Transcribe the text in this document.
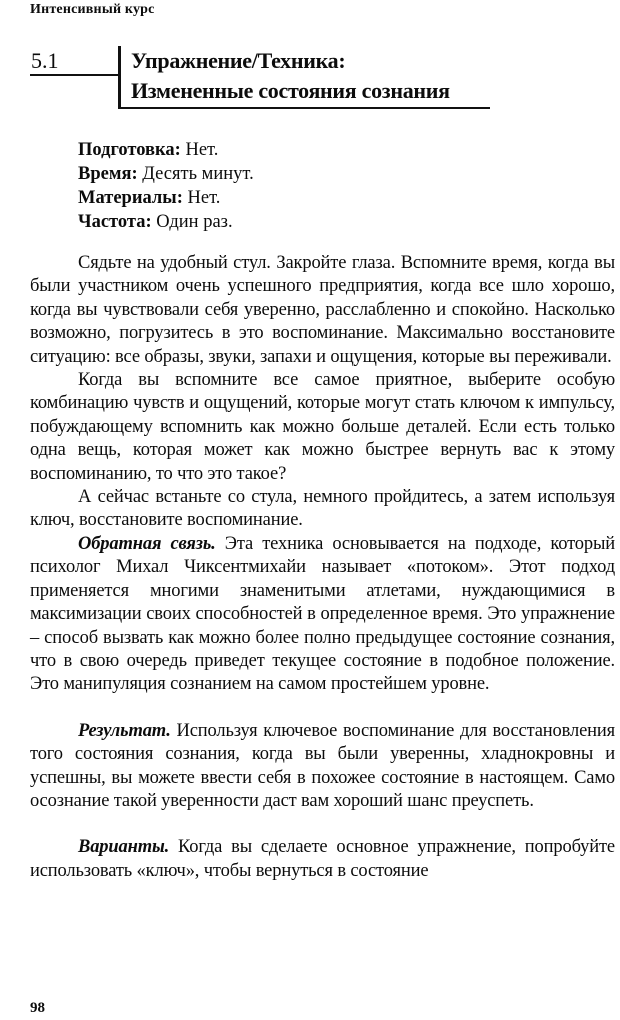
Интенсивный курс
5.1	Упражнение/Техника:
Измененные состояния сознания
Подготовка: Нет.
Время: Десять минут.
Материалы: Нет.
Частота: Один раз.

Сядьте на удобный стул. Закройте глаза. Вспомните время, когда вы были участником очень успешного предприятия, когда все шло хорошо, когда вы чувствовали себя уверенно, расслабленно и спокойно. Насколько возможно, погрузитесь в это воспоминание. Максимально восстановите ситуацию: все образы, звуки, запахи и ощущения, которые вы переживали.

Когда вы вспомните все самое приятное, выберите особую комбинацию чувств и ощущений, которые могут стать ключом к импульсу, побуждающему вспомнить как можно больше деталей. Если есть только одна вещь, которая может как можно быстрее вернуть вас к этому воспоминанию, то что это такое?

А сейчас встаньте со стула, немного пройдитесь, а затем используя ключ, восстановите воспоминание.

Обратная связь. Эта техника основывается на подходе, который психолог Михал Чиксентмихайи называет «потоком». Этот подход применяется многими знаменитыми атлетами, нуждающимися в максимизации своих способностей в определенное время. Это упражнение – способ вызвать как можно более полно предыдущее состояние сознания, что в свою очередь приведет текущее состояние в подобное положение. Это манипуляция сознанием на самом простейшем уровне.

Результат. Используя ключевое воспоминание для восстановления того состояния сознания, когда вы были уверенны, хладнокровны и успешны, вы можете ввести себя в похожее состояние в настоящем. Само осознание такой уверенности даст вам хороший шанс преуспеть.

Варианты. Когда вы сделаете основное упражнение, попробуйте использовать «ключ», чтобы вернуться в состояние

98
